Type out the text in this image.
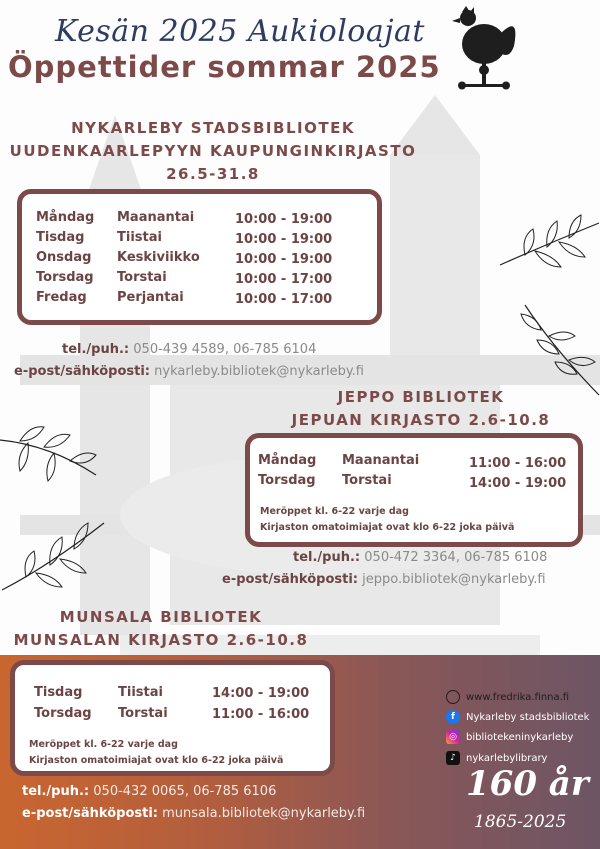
Kesän 2025 Aukioloajat
Öppettider sommar 2025
NYKARLEBY STADSBIBLIOTEK
UUDENKAARLEPYYN KAUPUNGINKIRJASTO
26.5-31.8
Måndag Maanantai	10:00 - 19:00
Tisdag	Tiistai	10:00 - 19:00
Onsdag Keskiviikko	10:00 - 19:00
Torsdag Torstai	10:00 - 17:00
Fredag Perjantai	10:00 - 17:00
tel./puh.: 050-439 4589, 06-785 6104
e-post/sähköposti: nykarleby.bibliotek@nykarleby.fi
JEPPO BIBLIOTEK
JEPUAN KIRJASTO 2.6-10.8
Måndag Maanantai	11:00 - 16:00
Torsdag Torstai	14:00 - 19:00
Meröppet kl. 6-22 varje dag
Kirjaston omatoimiajat ovat klo 6-22 joka päivä
tel./puh.: 050-472 3364, 06-785 6108
e-post/sähköposti: jeppo.bibliotek@nykarleby.fi
MUNSALA BIBLIOTEK
MUNSALAN KIRJASTO 2.6-10.8
Tisdag	Tiistai	14:00 - 19:00
Torsdag Torstai	11:00 - 16:00
Meröppet kl. 6-22 varje dag
Kirjaston omatoimiajat ovat klo 6-22 joka päivä
tel./puh.: 050-432 0065, 06-785 6106
e-post/sähköposti: munsala.bibliotek@nykarleby.fi
www.fredrika.finna.fi
f	Nykarleby stadsbibliotek
◎ bibliotekeninykarleby
♪	nykarlebylibrary
160 år
1865-2025
